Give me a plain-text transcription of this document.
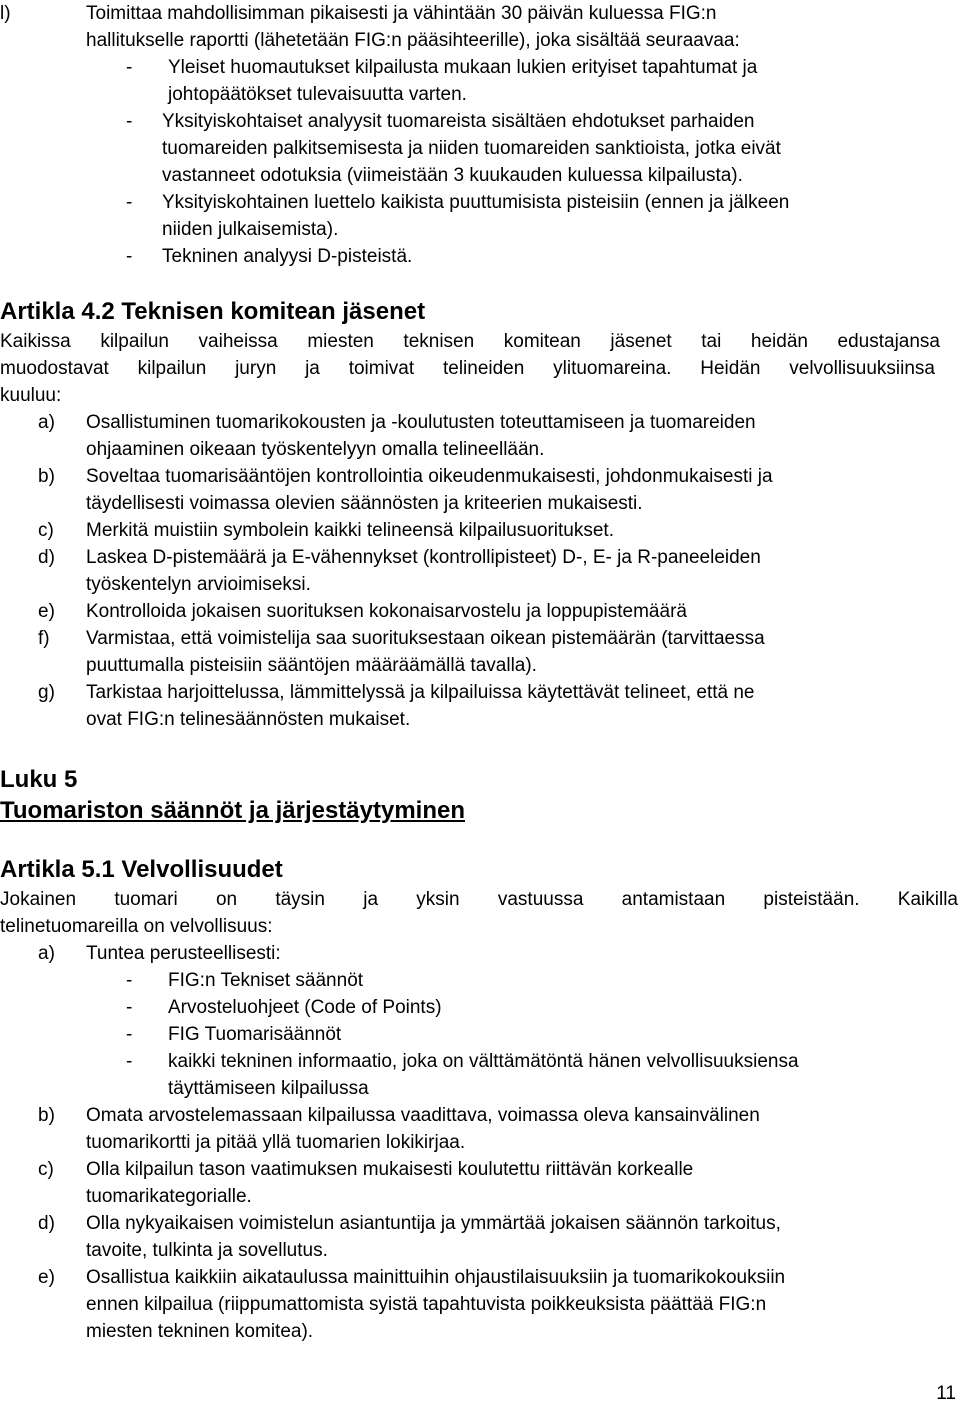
l)	Toimittaa mahdollisimman pikaisesti ja vähintään 30 päivän kuluessa FIG:n
hallitukselle raportti (lähetetään FIG:n pääsihteerille), joka sisältää seuraavaa:
- Yleiset huomautukset kilpailusta mukaan lukien erityiset tapahtumat ja
johtopäätökset tulevaisuutta varten.
- Yksityiskohtaiset analyysit tuomareista sisältäen ehdotukset parhaiden
tuomareiden palkitsemisesta ja niiden tuomareiden sanktioista, jotka eivät
vastanneet odotuksia (viimeistään 3 kuukauden kuluessa kilpailusta).
- Yksityiskohtainen luettelo kaikista puuttumisista pisteisiin (ennen ja jälkeen
niiden julkaisemista).
- Tekninen analyysi D-pisteistä.
Artikla 4.2 Teknisen komitean jäsenet
Kaikissa kilpailun vaiheissa miesten teknisen komitean jäsenet tai heidän edustajansa
muodostavat kilpailun juryn ja toimivat telineiden ylituomareina. Heidän velvollisuuksiinsa
kuuluu:
a) Osallistuminen tuomarikokousten ja -koulutusten toteuttamiseen ja tuomareiden
ohjaaminen oikeaan työskentelyyn omalla telineellään.
b) Soveltaa tuomarisääntöjen kontrollointia oikeudenmukaisesti, johdonmukaisesti ja
täydellisesti voimassa olevien säännösten ja kriteerien mukaisesti.
c) Merkitä muistiin symbolein kaikki telineensä kilpailusuoritukset.
d) Laskea D-pistemäärä ja E-vähennykset (kontrollipisteet) D-, E- ja R-paneeleiden
työskentelyn arvioimiseksi.
e) Kontrolloida jokaisen suorituksen kokonaisarvostelu ja loppupistemäärä
f) Varmistaa, että voimistelija saa suorituksestaan oikean pistemäärän (tarvittaessa
puuttumalla pisteisiin sääntöjen määräämällä tavalla).
g) Tarkistaa harjoittelussa, lämmittelyssä ja kilpailuissa käytettävät telineet, että ne
ovat FIG:n telinesäännösten mukaiset.
Luku 5
Tuomariston säännöt ja järjestäytyminen
Artikla 5.1 Velvollisuudet
Jokainen tuomari on täysin ja yksin vastuussa antamistaan pisteistään. Kaikilla
telinetuomareilla on velvollisuus:
a) Tuntea perusteellisesti:
- FIG:n Tekniset säännöt
- Arvosteluohjeet (Code of Points)
- FIG Tuomarisäännöt
- kaikki tekninen informaatio, joka on välttämätöntä hänen velvollisuuksiensa
täyttämiseen kilpailussa
b) Omata arvostelemassaan kilpailussa vaadittava, voimassa oleva kansainvälinen
tuomarikortti ja pitää yllä tuomarien lokikirjaa.
c) Olla kilpailun tason vaatimuksen mukaisesti koulutettu riittävän korkealle
tuomarikategorialle.
d) Olla nykyaikaisen voimistelun asiantuntija ja ymmärtää jokaisen säännön tarkoitus,
tavoite, tulkinta ja sovellutus.
e) Osallistua kaikkiin aikataulussa mainittuihin ohjaustilaisuuksiin ja tuomarikokouksiin
ennen kilpailua (riippumattomista syistä tapahtuvista poikkeuksista päättää FIG:n
miesten tekninen komitea).
11
